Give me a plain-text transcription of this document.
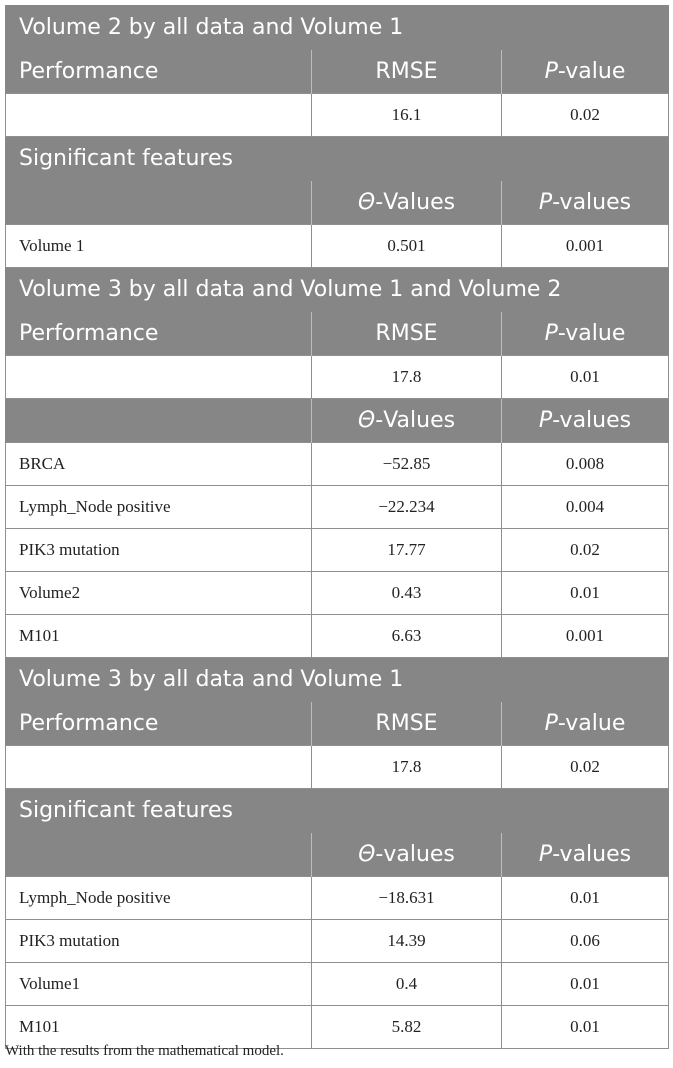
Volume 2 by all data and Volume 1		
Performance	RMSE	P-value
	16.1	0.02
Significant features		
	Θ-Values	P-values
Volume 1	0.501	0.001
Volume 3 by all data and Volume 1 and Volume 2		
Performance	RMSE	P-value
	17.8	0.01
	Θ-Values	P-values
BRCA	−52.85	0.008
Lymph_Node positive	−22.234	0.004
PIK3 mutation	17.77	0.02
Volume2	0.43	0.01
M101	6.63	0.001
Volume 3 by all data and Volume 1		
Performance	RMSE	P-value
	17.8	0.02
Significant features		
	Θ-values	P-values
Lymph_Node positive	−18.631	0.01
PIK3 mutation	14.39	0.06
Volume1	0.4	0.01
M101	5.82	0.01
With the results from the mathematical model.
